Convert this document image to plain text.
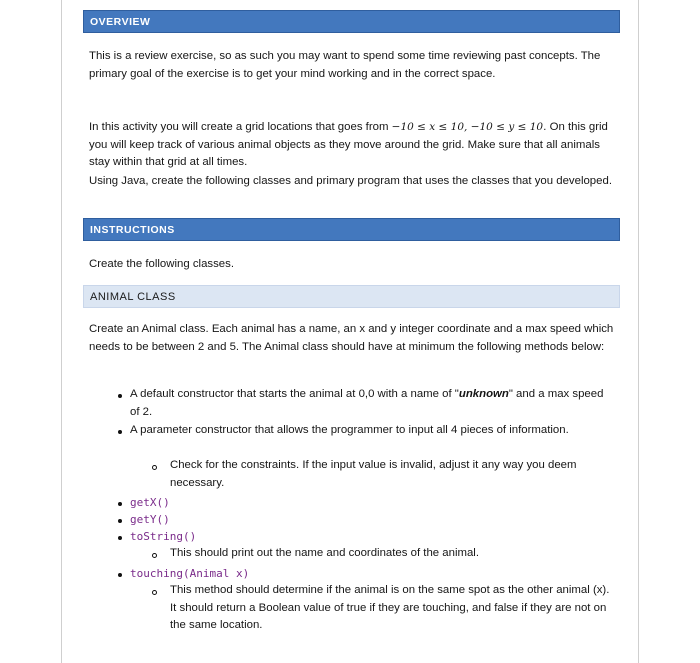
OVERVIEW
This is a review exercise, so as such you may want to spend some time reviewing past concepts. The primary goal of the exercise is to get your mind working and in the correct space.
In this activity you will create a grid locations that goes from −10 ≤ x ≤ 10, −10 ≤ y ≤ 10. On this grid you will keep track of various animal objects as they move around the grid. Make sure that all animals stay within that grid at all times.
Using Java, create the following classes and primary program that uses the classes that you developed.
INSTRUCTIONS
Create the following classes.
ANIMAL CLASS
Create an Animal class. Each animal has a name, an x and y integer coordinate and a max speed which needs to be between 2 and 5. The Animal class should have at minimum the following methods below:
A default constructor that starts the animal at 0,0 with a name of "unknown" and a max speed of 2.
A parameter constructor that allows the programmer to input all 4 pieces of information.
Check for the constraints. If the input value is invalid, adjust it any way you deem necessary.
getX()
getY()
toString()
This should print out the name and coordinates of the animal.
touching(Animal x)
This method should determine if the animal is on the same spot as the other animal (x). It should return a Boolean value of true if they are touching, and false if they are not on the same location.
